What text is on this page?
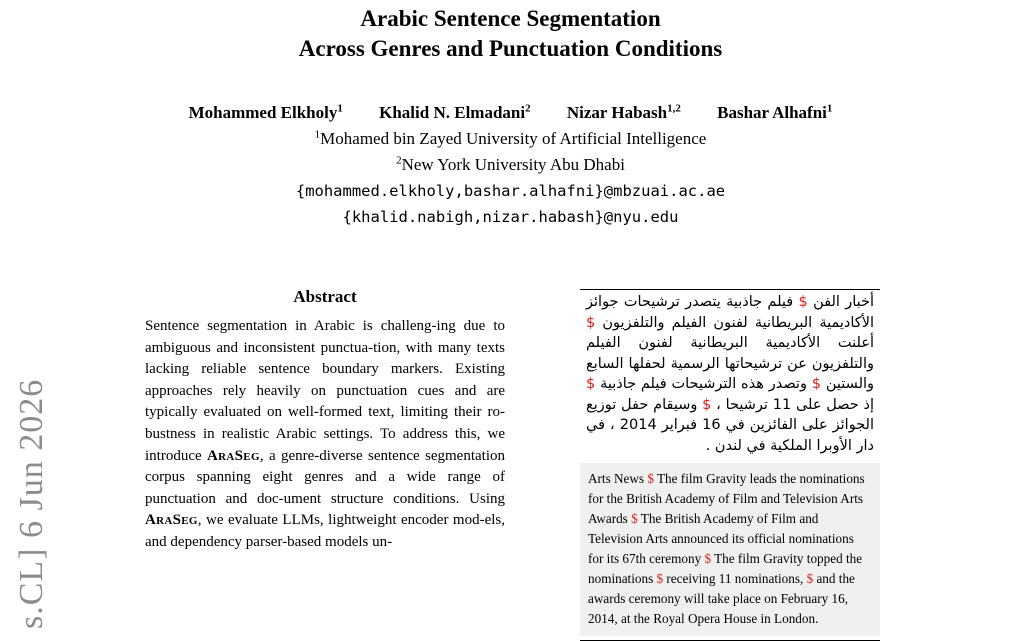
Arabic Sentence Segmentation
Across Genres and Punctuation Conditions
Mohammed Elkholy$^1$ Khalid N. Elmadani$^2$ Nizar Habash$^{1,2}$ Bashar Alhafni$^1$
$^1$Mohamed bin Zayed University of Artificial Intelligence
$^2$New York University Abu Dhabi
{mohammed.elkholy,bashar.alhafni}@mbzuai.ac.ae
{khalid.nabigh,nizar.habash}@nyu.edu
s.CL] 6 Jun 2026
Abstract
Sentence segmentation in Arabic is challeng-ing due to ambiguous and inconsistent punctua-tion, with many texts lacking reliable sentence boundary markers. Existing approaches rely heavily on punctuation cues and are typically evaluated on well-formed text, limiting their ro-bustness in realistic Arabic settings. To address this, we introduce AraSeg, a genre-diverse sentence segmentation corpus spanning eight genres and a wide range of punctuation and doc-ument structure conditions. Using AraSeg, we evaluate LLMs, lightweight encoder mod-els, and dependency parser-based models un-
أخبار الفن $ فيلم جاذبية يتصدر ترشيحات جوائز الأكاديمية البريطانية لفنون الفيلم والتلفزيون $ أعلنت الأكاديمية البريطانية لفنون الفيلم والتلفزيون عن ترشيحاتها الرسمية لحفلها السابع والستين $ وتصدر هذه الترشيحات فيلم جاذبية $ إذ حصل على 11 ترشيحا ، $ وسيقام حفل توزيع الجوائز على الفائزين في 16 فبراير 2014 ، في دار الأوبرا الملكية في لندن .
Arts News $ The film Gravity leads the nominations for the British Academy of Film and Television Arts Awards $ The British Academy of Film and Television Arts announced its official nominations for its 67th ceremony $ The film Gravity topped the nominations $ receiving 11 nominations, $ and the awards ceremony will take place on February 16, 2014, at the Royal Opera House in London.
